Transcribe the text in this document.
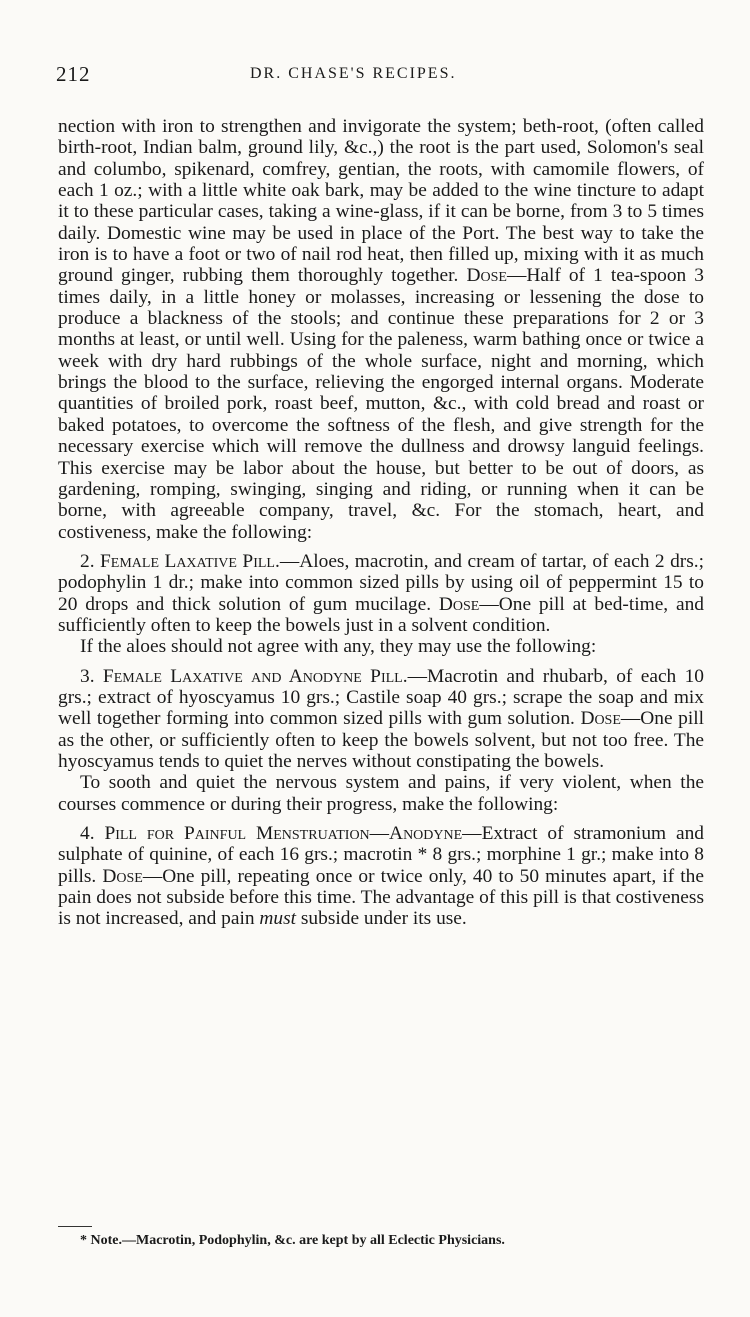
212	DR. CHASE'S RECIPES.

nection with iron to strengthen and invigorate the system; beth-root, (often called birth-root, Indian balm, ground lily, &c.,) the root is the part used, Solomon's seal and columbo, spikenard, comfrey, gentian, the roots, with camomile flowers, of each 1 oz.; with a little white oak bark, may be added to the wine tincture to adapt it to these particular cases, taking a wine-glass, if it can be borne, from 3 to 5 times daily. Domestic wine may be used in place of the Port. The best way to take the iron is to have a foot or two of nail rod heat, then filled up, mixing with it as much ground ginger, rubbing them thoroughly together. Dose—Half of 1 tea-spoon 3 times daily, in a little honey or molasses, increasing or lessening the dose to produce a blackness of the stools; and continue these preparations for 2 or 3 months at least, or until well. Using for the paleness, warm bathing once or twice a week with dry hard rubbings of the whole surface, night and morning, which brings the blood to the surface, relieving the engorged internal organs. Moderate quantities of broiled pork, roast beef, mutton, &c., with cold bread and roast or baked potatoes, to overcome the softness of the flesh, and give strength for the necessary exercise which will remove the dullness and drowsy languid feelings. This exercise may be labor about the house, but better to be out of doors, as gardening, romping, swinging, singing and riding, or running when it can be borne, with agreeable company, travel, &c. For the stomach, heart, and costiveness, make the following:

2. Female Laxative Pill.—Aloes, macrotin, and cream of tartar, of each 2 drs.; podophylin 1 dr.; make into common sized pills by using oil of peppermint 15 to 20 drops and thick solution of gum mucilage. Dose—One pill at bed-time, and sufficiently often to keep the bowels just in a solvent condition.

If the aloes should not agree with any, they may use the following:

3. Female Laxative and Anodyne Pill.—Macrotin and rhubarb, of each 10 grs.; extract of hyoscyamus 10 grs.; Castile soap 40 grs.; scrape the soap and mix well together forming into common sized pills with gum solution. Dose—One pill as the other, or sufficiently often to keep the bowels solvent, but not too free. The hyoscyamus tends to quiet the nerves without constipating the bowels.

To sooth and quiet the nervous system and pains, if very violent, when the courses commence or during their progress, make the following:

4. Pill for Painful Menstruation—Anodyne—Extract of stramonium and sulphate of quinine, of each 16 grs.; macrotin * 8 grs.; morphine 1 gr.; make into 8 pills. Dose—One pill, repeating once or twice only, 40 to 50 minutes apart, if the pain does not subside before this time. The advantage of this pill is that costiveness is not increased, and pain must subside under its use.

* Note.—Macrotin, Podophylin, &c. are kept by all Eclectic Physicians.
